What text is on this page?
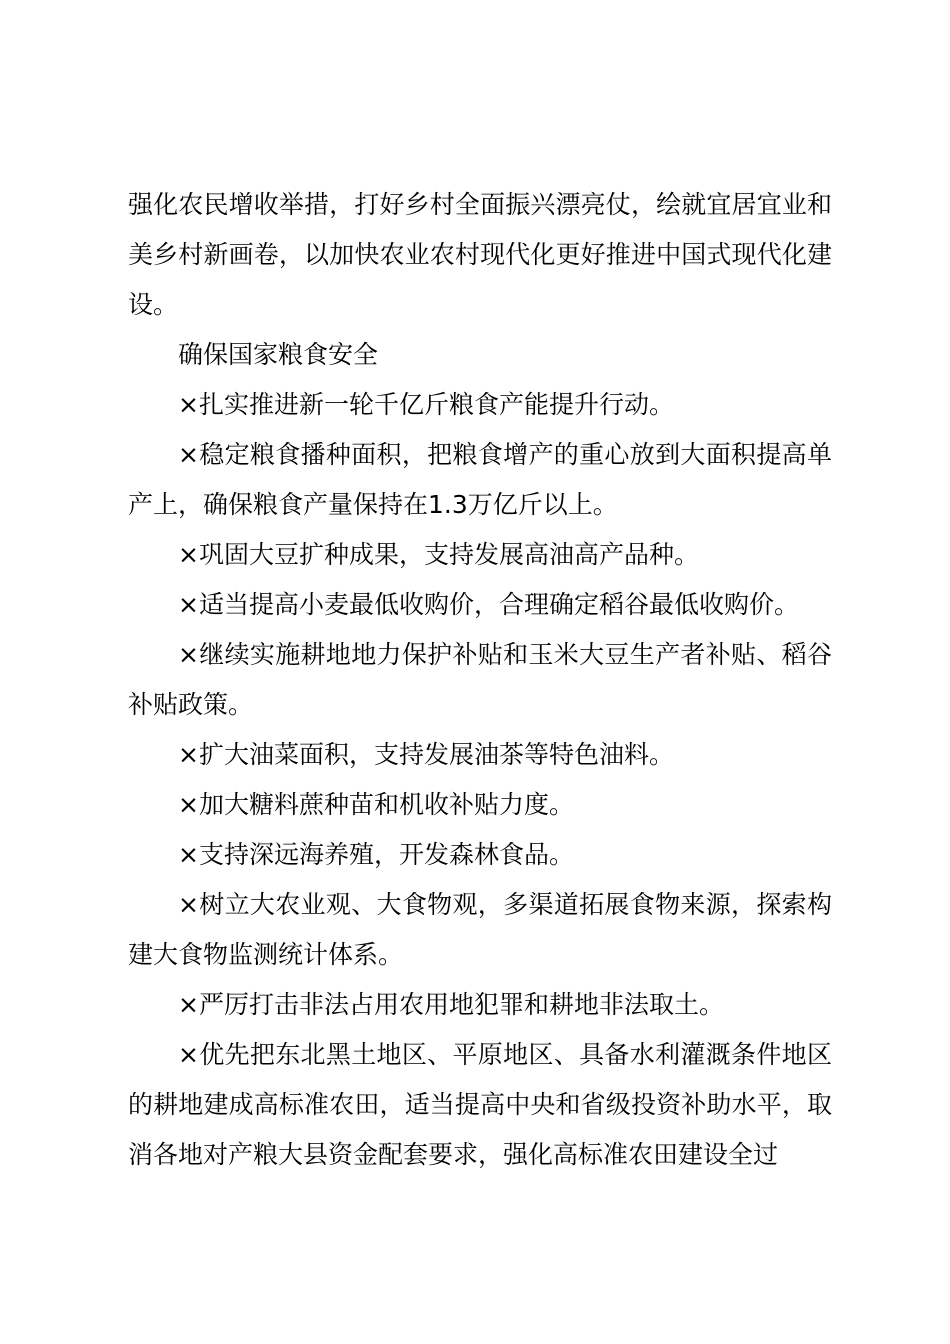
强化农民增收举措，打好乡村全面振兴漂亮仗，绘就宜居宜业和美乡村新画卷，以加快农业农村现代化更好推进中国式现代化建设。

确保国家粮食安全

×扎实推进新一轮千亿斤粮食产能提升行动。

×稳定粮食播种面积，把粮食增产的重心放到大面积提高单产上，确保粮食产量保持在1.3万亿斤以上。

×巩固大豆扩种成果，支持发展高油高产品种。

×适当提高小麦最低收购价，合理确定稻谷最低收购价。

×继续实施耕地地力保护补贴和玉米大豆生产者补贴、稻谷补贴政策。

×扩大油菜面积，支持发展油茶等特色油料。

×加大糖料蔗种苗和机收补贴力度。

×支持深远海养殖，开发森林食品。

×树立大农业观、大食物观，多渠道拓展食物来源，探索构建大食物监测统计体系。

×严厉打击非法占用农用地犯罪和耕地非法取土。

×优先把东北黑土地区、平原地区、具备水利灌溉条件地区的耕地建成高标准农田，适当提高中央和省级投资补助水平，取消各地对产粮大县资金配套要求，强化高标准农田建设全过
